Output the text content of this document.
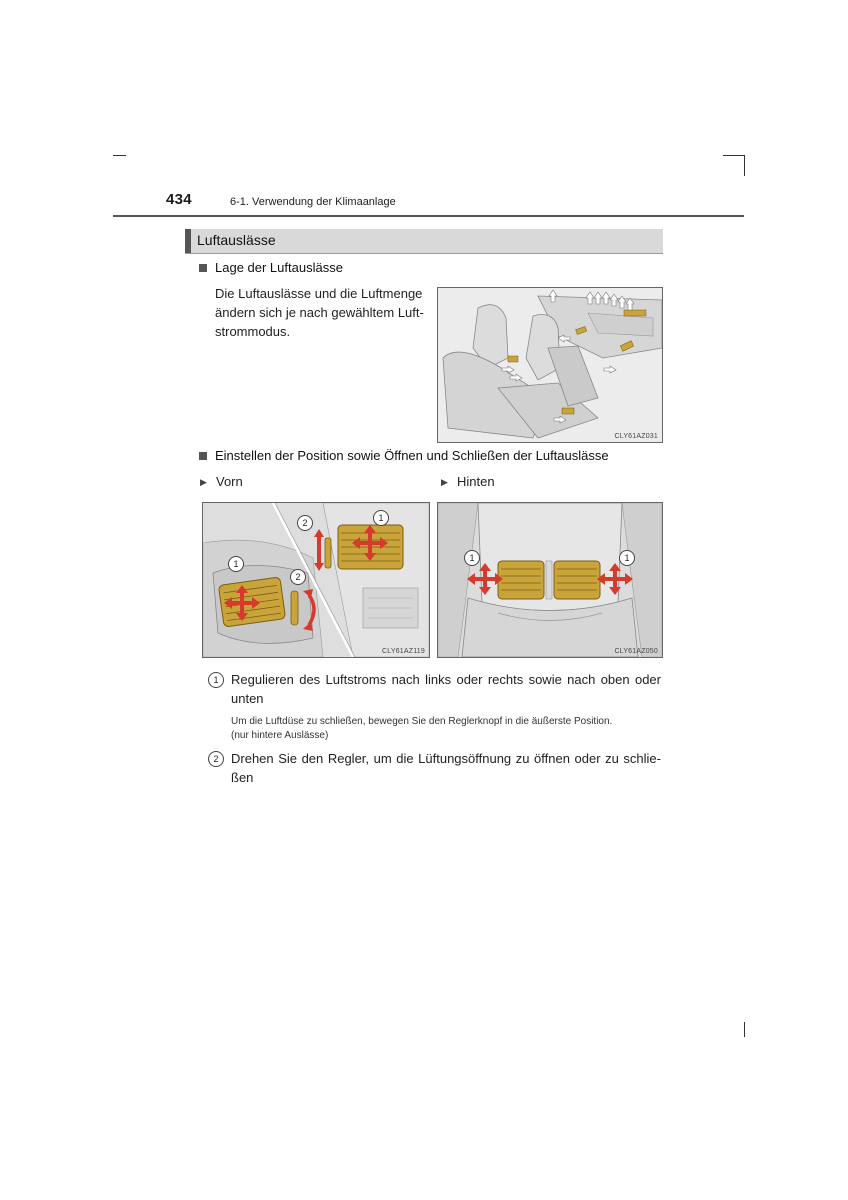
434	6-1. Verwendung der Klimaanlage
Luftauslässe
Lage der Luftauslässe
Die Luftauslässe und die Luftmenge
ändern sich je nach gewähltem Luft-
strommodus.
CLY61AZ031
Einstellen der Position sowie Öffnen und Schließen der Luftauslässe
▶ Vorn	▶ Hinten
1
2
1
2
CLY61AZ119
1	1
CLY61AZ050
1 Regulieren des Luftstroms nach links oder rechts sowie nach oben oder
unten
Um die Luftdüse zu schließen, bewegen Sie den Reglerknopf in die äußerste Position.
(nur hintere Auslässe)
2 Drehen Sie den Regler, um die Lüftungsöffnung zu öffnen oder zu schlie-
ßen
